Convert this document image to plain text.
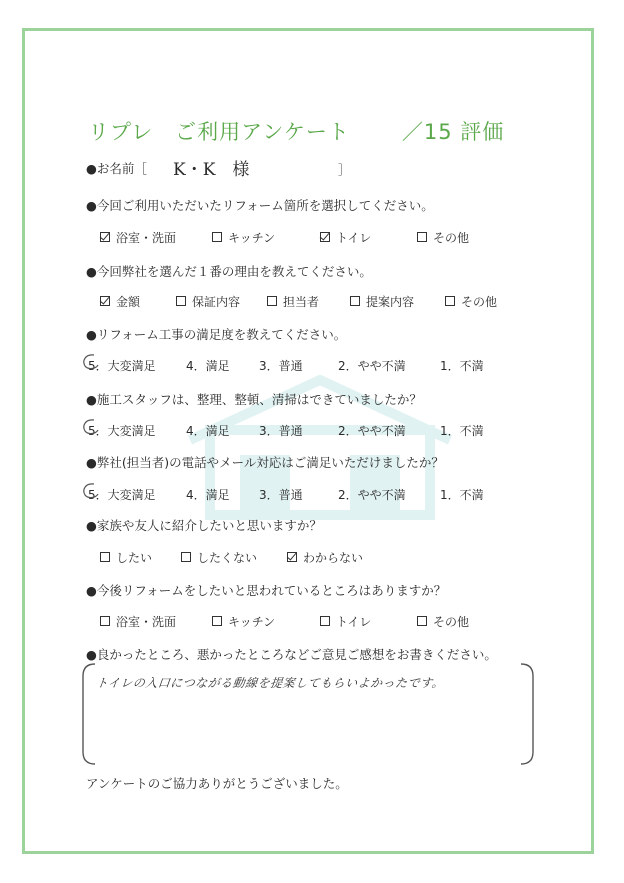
リプレ　ご利用アンケート ／15 評価
●お名前［ K・K　様	］
●今回ご利用いただいたリフォーム箇所を選択してください。
浴室・洗面	キッチン	トイレ	その他
●今回弊社を選んだ１番の理由を教えてください。
金額	保証内容	担当者	提案内容	その他
●リフォーム工事の満足度を教えてください。
5．大変満足	4．満足 3．普通	2．やや不満	1．不満
●施工スタッフは、整理、整頓、清掃はできていましたか？
5．大変満足	4．満足 3．普通	2．やや不満	1．不満
●弊社(担当者)の電話やメール対応はご満足いただけましたか？
5．大変満足	4．満足 3．普通	2．やや不満	1．不満
●家族や友人に紹介したいと思いますか？
したい	したくない	わからない
●今後リフォームをしたいと思われているところはありますか？
浴室・洗面	キッチン	トイレ	その他
●良かったところ、悪かったところなどご意見ご感想をお書きください。
トイレの入口につながる動線を提案してもらいよかったです。
アンケートのご協力ありがとうございました。
